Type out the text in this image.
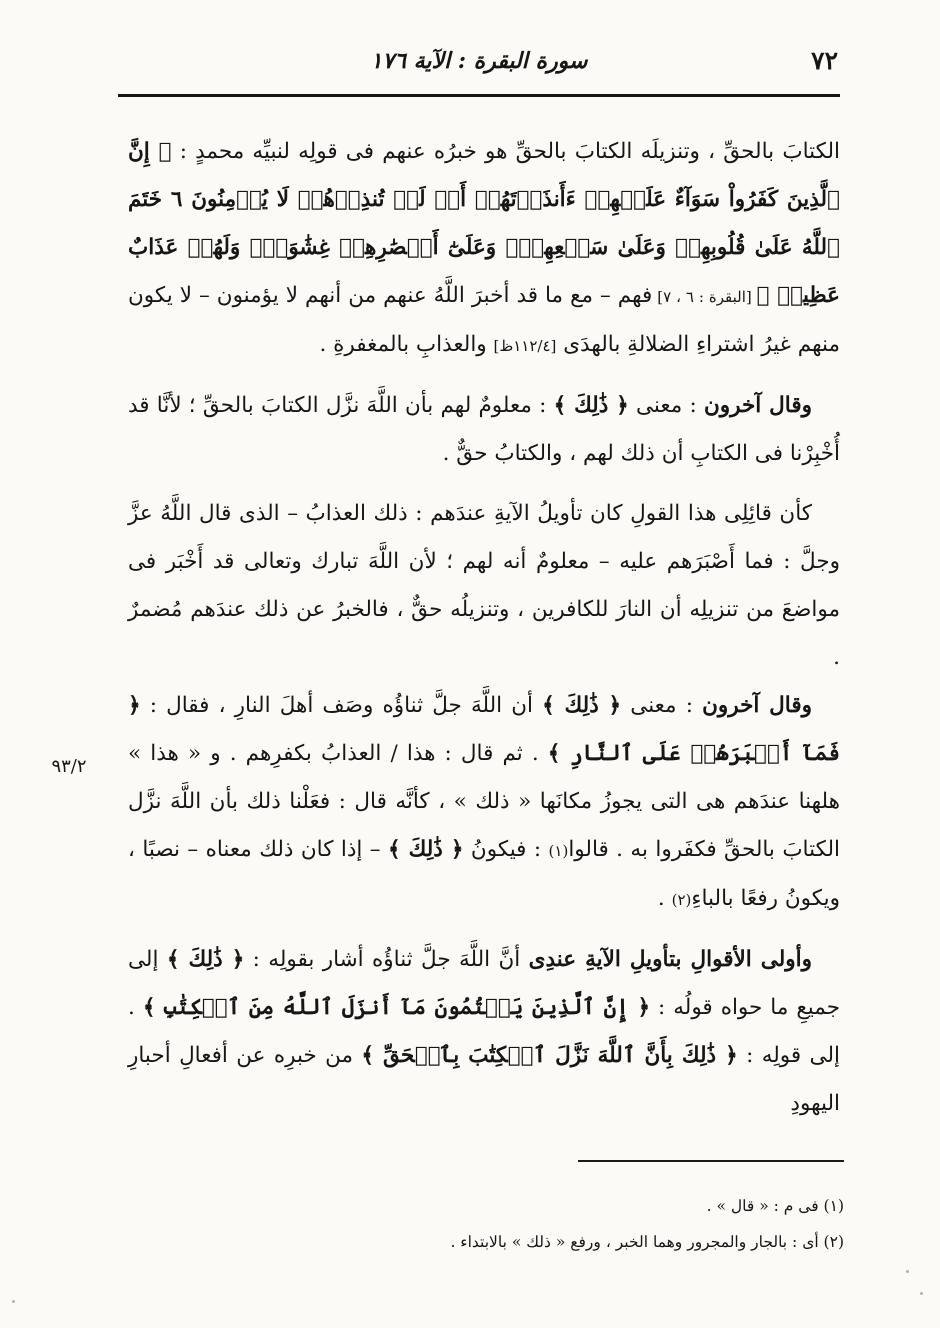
٧٢
سورة البقرة : الآية ١٧٦
٩٣/٢

الكتابَ بالحقِّ ، وتنزيلَه الكتابَ بالحقِّ هو خبرُه عنهم فى قولِه لنبيِّه محمدٍ : ﴿ إِنَّ ٱلَّذِينَ كَفَرُواْ سَوَآءٌ عَلَيۡهِمۡ ءَأَنذَرۡتَهُمۡ أَمۡ لَمۡ تُنذِرۡهُمۡ لَا يُؤۡمِنُونَ ٦ خَتَمَ ٱللَّهُ عَلَىٰ قُلُوبِهِمۡ وَعَلَىٰ سَمۡعِهِمۡۖ وَعَلَىٰٓ أَبۡصَٰرِهِمۡ غِشَٰوَةٞۖ وَلَهُمۡ عَذَابٌ عَظِيمٞ ﴾ [البقرة : ٦ ، ٧] فهم – مع ما قد أخبرَ اللَّهُ عنهم من أنهم لا يؤمنون – لا يكون منهم غيرُ اشتراءِ الضلالةِ بالهدَى [١١٢/٤ظ] والعذابِ بالمغفرةِ .

وقال آخرون : معنى ﴿ ذَٰلِكَ ﴾ : معلومٌ لهم بأن اللَّهَ نزَّل الكتابَ بالحقِّ ؛ لأنَّا قد أُخْبِرْنا فى الكتابِ أن ذلك لهم ، والكتابُ حقٌّ .

كأن قائِلِى هذا القولِ كان تأويلُ الآيةِ عندَهم : ذلك العذابُ – الذى قال اللَّهُ عزَّ وجلَّ : فما أَصْبَرَهم عليه – معلومٌ أنه لهم ؛ لأن اللَّهَ تبارك وتعالى قد أَخْبَر فى مواضعَ من تنزيلِه أن النارَ للكافرين ، وتنزيلُه حقٌّ ، فالخبرُ عن ذلك عندَهم مُضمرٌ .

وقال آخرون : معنى ﴿ ذَٰلِكَ ﴾ أن اللَّهَ جلَّ ثناؤُه وصَف أهلَ النارِ ، فقال : ﴿ فَمَآ أَصۡبَرَهُمۡ عَلَى ٱلنَّارِ ﴾ . ثم قال : هذا / العذابُ بكفرِهم . و « هذا » هلهنا عندَهم هى التى يجوزُ مكانَها « ذلك » ، كأنَّه قال : فعَلْنا ذلك بأن اللَّهَ نزَّل الكتابَ بالحقِّ فكفَروا به . قالوا(١) : فيكونُ ﴿ ذَٰلِكَ ﴾ – إذا كان ذلك معناه – نصبًا ، ويكونُ رفعًا بالباءِ(٢) .

وأولى الأقوالِ بتأويلِ الآيةِ عندِى أنَّ اللَّهَ جلَّ ثناؤُه أشار بقولِه : ﴿ ذَٰلِكَ ﴾ إلى جميعِ ما حواه قولُه : ﴿ إِنَّ ٱلَّذِينَ يَكۡتُمُونَ مَآ أَنزَلَ ٱللَّهُ مِنَ ٱلۡكِتَٰبِ ﴾ . إلى قولِه : ﴿ ذَٰلِكَ بِأَنَّ ٱللَّهَ نَزَّلَ ٱلۡكِتَٰبَ بِٱلۡحَقِّ ﴾ من خبرِه عن أفعالِ أحبارِ اليهودِ

(١) فى م : « قال » .

(٢) أى : بالجار والمجرور وهما الخبر ، ورفع « ذلك » بالابتداء .
